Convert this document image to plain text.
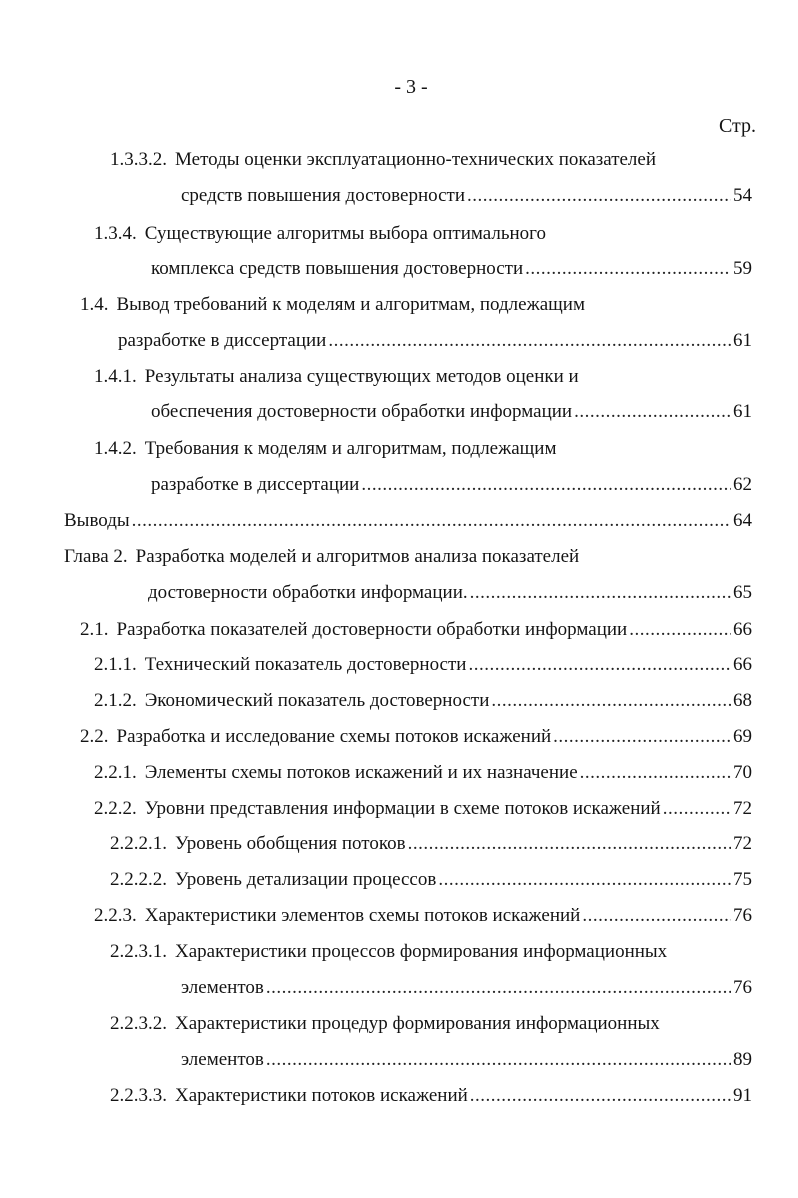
- 3 -
Стр.
1.3.3.2. Методы оценки эксплуатационно-технических показателей
средств повышения достоверности .....	54
1.3.4. Существующие алгоритмы выбора оптимального
комплекса средств повышения достоверности .....	59
1.4. Вывод требований к моделям и алгоритмам, подлежащим
разработке в диссертации .....	61
1.4.1. Результаты анализа существующих методов оценки и
обеспечения достоверности обработки информации .....	61
1.4.2. Требования к моделям и алгоритмам, подлежащим
разработке в диссертации .....	62
Выводы .....	64
Глава 2. Разработка моделей и алгоритмов анализа показателей
достоверности обработки информации. .....	65
2.1. Разработка показателей достоверности обработки информации .....	66
2.1.1. Технический показатель достоверности .....	66
2.1.2. Экономический показатель достоверности .....	68
2.2. Разработка и исследование схемы потоков искажений .....	69
2.2.1. Элементы схемы потоков искажений и их назначение .....	70
2.2.2. Уровни представления информации в схеме потоков искажений .....	72
2.2.2.1. Уровень обобщения потоков .....	72
2.2.2.2. Уровень детализации процессов .....	75
2.2.3. Характеристики элементов схемы потоков искажений .....	76
2.2.3.1. Характеристики процессов формирования информационных
элементов .....	76
2.2.3.2. Характеристики процедур формирования информационных
элементов .....	89
2.2.3.3. Характеристики потоков искажений .....	91
